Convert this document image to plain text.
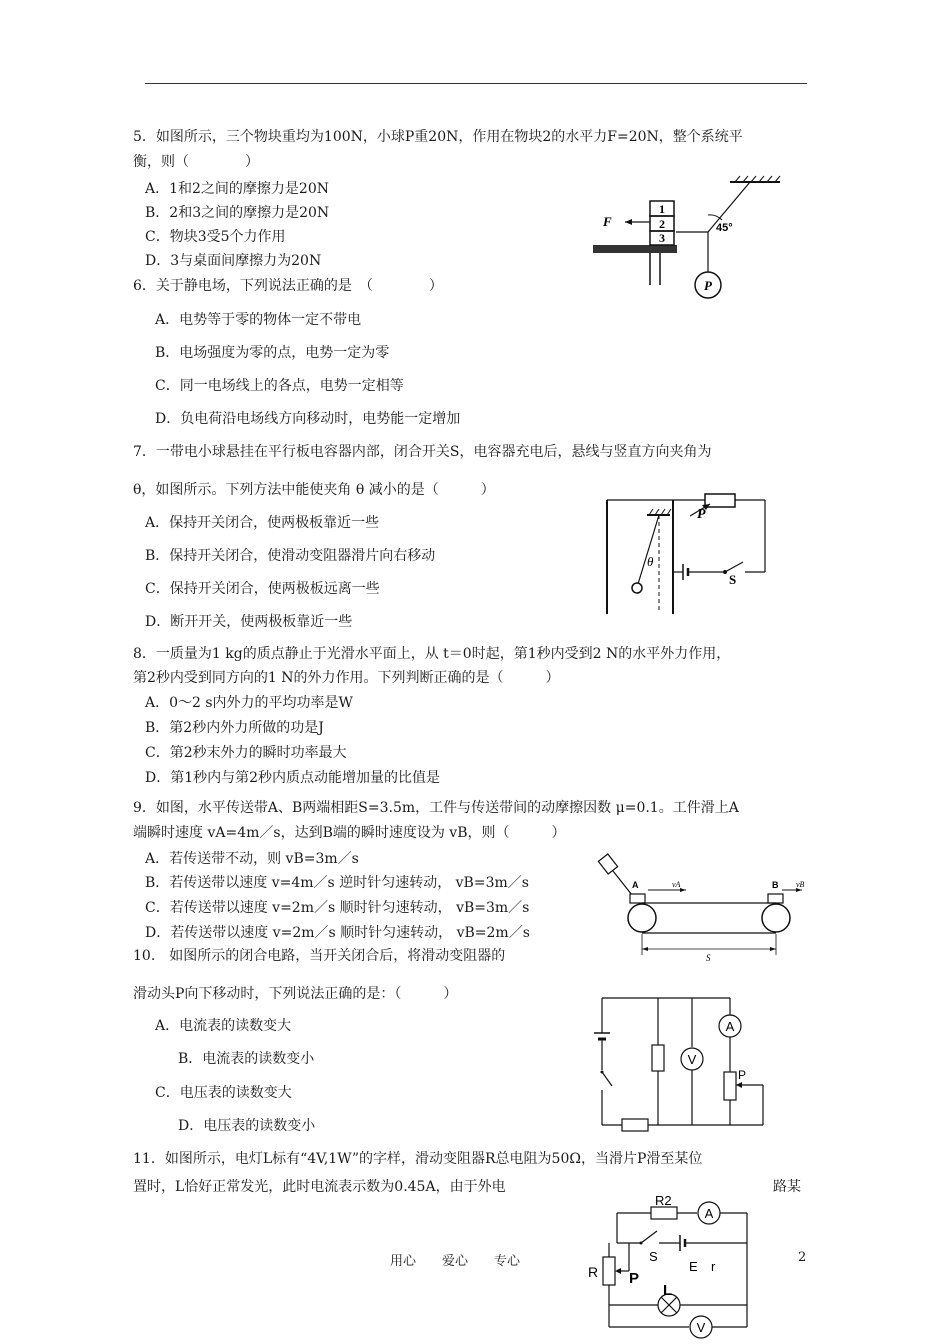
5．如图所示，三个物块重均为100N，小球P重20N，作用在物块2的水平力F=20N，整个系统平
衡，则（　　　　）
A．1和2之间的摩擦力是20N
B．2和3之间的摩擦力是20N
C．物块3受5个力作用
D．3与桌面间摩擦力为20N
F
1
2
3
45°
P
6．关于静电场，下列说法正确的是　（　　　　）
A．电势等于零的物体一定不带电
B．电场强度为零的点，电势一定为零
C．同一电场线上的各点，电势一定相等
D．负电荷沿电场线方向移动时，电势能一定增加
7．一带电小球悬挂在平行板电容器内部，闭合开关S，电容器充电后，悬线与竖直方向夹角为
θ，如图所示。下列方法中能使夹角 θ 减小的是（　　　）
A．保持开关闭合，使两极板靠近一些
B．保持开关闭合，使滑动变阻器滑片向右移动
C．保持开关闭合，使两极板远离一些
D．断开开关，使两极板靠近一些
P
θ
S
8．一质量为1 kg的质点静止于光滑水平面上，从 t＝0时起，第1秒内受到2 N的水平外力作用，
第2秒内受到同方向的1 N的外力作用。下列判断正确的是（　　　）
A．0～2 s内外力的平均功率是W
B．第2秒内外力所做的功是J
C．第2秒末外力的瞬时功率最大
D．第1秒内与第2秒内质点动能增加量的比值是
9．如图，水平传送带A、B两端相距S=3.5m，工件与传送带间的动摩擦因数 μ=0.1。工件滑上A
端瞬时速度 vA=4m／s，达到B端的瞬时速度设为 vB，则（　　　）
A．若传送带不动，则 vB=3m／s
B．若传送带以速度 v=4m／s 逆时针匀速转动， vB=3m／s
C．若传送带以速度 v=2m／s 顺时针匀速转动， vB=3m／s
D．若传送带以速度 v=2m／s 顺时针匀速转动， vB=2m／s
A	B
vA	vB
S
10.　如图所示的闭合电路，当开关闭合后，将滑动变阻器的
滑动头P向下移动时，下列说法正确的是：（　　　）
A．电流表的读数变大
B．电流表的读数变小
C．电压表的读数变大
D．电压表的读数变小
A
V
P
11．如图所示，电灯L标有“4V,1W”的字样，滑动变阻器R总电阻为50Ω，当滑片P滑至某位
置时，L恰好正常发光，此时电流表示数为0.45A，由于外电	路某
R2
A
R P
S
E r
L
V
用心　　爱心　　专心	2
